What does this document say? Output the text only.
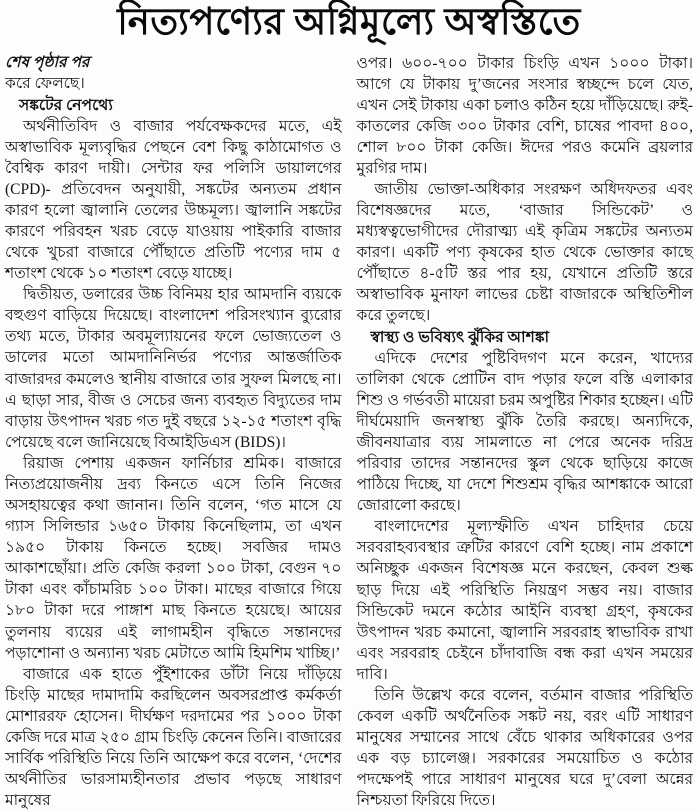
নিত্যপণ্যের অগ্নিমূল্যে অস্বস্তিতে

শেষ পৃষ্ঠার পর

করে ফেলছে।

সঙ্কটের নেপথ্যে

অর্থনীতিবিদ ও বাজার পর্যবেক্ষকদের মতে, এই অস্বাভাবিক মূল্যবৃদ্ধির পেছনে বেশ কিছু কাঠামোগত ও বৈশ্বিক কারণ দায়ী। সেন্টার ফর পলিসি ডায়ালগের (CPD)- প্রতিবেদন অনুযায়ী, সঙ্কটের অন্যতম প্রধান কারণ হলো জ্বালানি তেলের উচ্চমূল্য। জ্বালানি সঙ্কটের কারণে পরিবহন খরচ বেড়ে যাওয়ায় পাইকারি বাজার থেকে খুচরা বাজারে পৌঁছাতে প্রতিটি পণ্যের দাম ৫ শতাংশ থেকে ১০ শতাংশ বেড়ে যাচ্ছে।

দ্বিতীয়ত, ডলারের উচ্চ বিনিময় হার আমদানি ব্যয়কে বহুগুণ বাড়িয়ে দিয়েছে। বাংলাদেশ পরিসংখ্যান ব্যুরোর তথ্য মতে, টাকার অবমূল্যায়নের ফলে ভোজ্যতেল ও ডালের মতো আমদানিনির্ভর পণ্যের আন্তর্জাতিক বাজারদর কমলেও স্থানীয় বাজারে তার সুফল মিলছে না। এ ছাড়া সার, বীজ ও সেচের জন্য ব্যবহৃত বিদ্যুতের দাম বাড়ায় উৎপাদন খরচ গত দুই বছরে ১২-১৫ শতাংশ বৃদ্ধি পেয়েছে বলে জানিয়েছে বিআইডিএস (BIDS)।

রিয়াজ পেশায় একজন ফার্নিচার শ্রমিক। বাজারে নিত্যপ্রয়োজনীয় দ্রব্য কিনতে এসে তিনি নিজের অসহায়ত্বের কথা জানান। তিনি বলেন, ‘গত মাসে যে গ্যাস সিলিন্ডার ১৬৫০ টাকায় কিনেছিলাম, তা এখন ১৯৫০ টাকায় কিনতে হচ্ছে। সবজির দামও আকাশছোঁয়া। প্রতি কেজি করলা ১০০ টাকা, বেগুন ৭০ টাকা এবং কাঁচামরিচ ১০০ টাকা। মাছের বাজারে গিয়ে ১৮০ টাকা দরে পাঙ্গাশ মাছ কিনতে হয়েছে। আয়ের তুলনায় ব্যয়ের এই লাগামহীন বৃদ্ধিতে সন্তানদের পড়াশোনা ও অন্যান্য খরচ মেটাতে আমি হিমশিম খাচ্ছি।’

বাজারে এক হাতে পুঁইশাকের ডাঁটা নিয়ে দাঁড়িয়ে চিংড়ি মাছের দামাদামি করছিলেন অবসরপ্রাপ্ত কর্মকর্তা মোশাররফ হোসেন। দীর্ঘক্ষণ দরদামের পর ১০০০ টাকা কেজি দরে মাত্র ২৫০ গ্রাম চিংড়ি কেনেন তিনি। বাজারের সার্বিক পরিস্থিতি নিয়ে তিনি আক্ষেপ করে বলেন, ‘দেশের অর্থনীতির ভারসাম্যহীনতার প্রভাব পড়ছে সাধারণ মানুষের

ওপর। ৬০০-৭০০ টাকার চিংড়ি এখন ১০০০ টাকা। আগে যে টাকায় দু’জনের সংসার স্বচ্ছন্দে চলে যেত, এখন সেই টাকায় একা চলাও কঠিন হয়ে দাঁড়িয়েছে। রুই-কাতলের কেজি ৩০০ টাকার বেশি, চাষের পাবদা ৪০০, শোল ৮০০ টাকা কেজি। ঈদের পরও কমেনি ব্রয়লার মুরগির দাম।

জাতীয় ভোক্তা-অধিকার সংরক্ষণ অধিদফতর এবং বিশেষজ্ঞদের মতে, ‘বাজার সিন্ডিকেট’ ও মধ্যস্বত্বভোগীদের দৌরাত্ম্য এই কৃত্রিম সঙ্কটের অন্যতম কারণ। একটি পণ্য কৃষকের হাত থেকে ভোক্তার কাছে পৌঁছাতে ৪-৫টি স্তর পার হয়, যেখানে প্রতিটি স্তরে অস্বাভাবিক মুনাফা লাভের চেষ্টা বাজারকে অস্থিতিশীল করে তুলছে।

স্বাস্থ্য ও ভবিষ্যৎ ঝুঁকির আশঙ্কা

এদিকে দেশের পুষ্টিবিদগণ মনে করেন, খাদ্যের তালিকা থেকে প্রোটিন বাদ পড়ার ফলে বস্তি এলাকার শিশু ও গর্ভবতী মায়েরা চরম অপুষ্টির শিকার হচ্ছেন। এটি দীর্ঘমেয়াদি জনস্বাস্থ্য ঝুঁকি তৈরি করছে। অন্যদিকে, জীবনযাত্রার ব্যয় সামলাতে না পেরে অনেক দরিদ্র পরিবার তাদের সন্তানদের স্কুল থেকে ছাড়িয়ে কাজে পাঠিয়ে দিচ্ছে, যা দেশে শিশুশ্রম বৃদ্ধির আশঙ্কাকে আরো জোরালো করছে।

বাংলাদেশের মূল্যস্ফীতি এখন চাহিদার চেয়ে সরবরাহব্যবস্থার ত্রুটির কারণে বেশি হচ্ছে। নাম প্রকাশে অনিচ্ছুক একজন বিশেষজ্ঞ মনে করছেন, কেবল শুল্ক ছাড় দিয়ে এই পরিস্থিতি নিয়ন্ত্রণ সম্ভব নয়। বাজার সিন্ডিকেট দমনে কঠোর আইনি ব্যবস্থা গ্রহণ, কৃষকের উৎপাদন খরচ কমানো, জ্বালানি সরবরাহ স্বাভাবিক রাখা এবং সরবরাহ চেইনে চাঁদাবাজি বন্ধ করা এখন সময়ের দাবি।

তিনি উল্লেখ করে বলেন, বর্তমান বাজার পরিস্থিতি কেবল একটি অর্থনৈতিক সঙ্কট নয়, বরং এটি সাধারণ মানুষের সম্মানের সাথে বেঁচে থাকার অধিকারের ওপর এক বড় চ্যালেঞ্জ। সরকারের সময়োচিত ও কঠোর পদক্ষেপই পারে সাধারণ মানুষের ঘরে দু’বেলা অন্নের নিশ্চয়তা ফিরিয়ে দিতে।
